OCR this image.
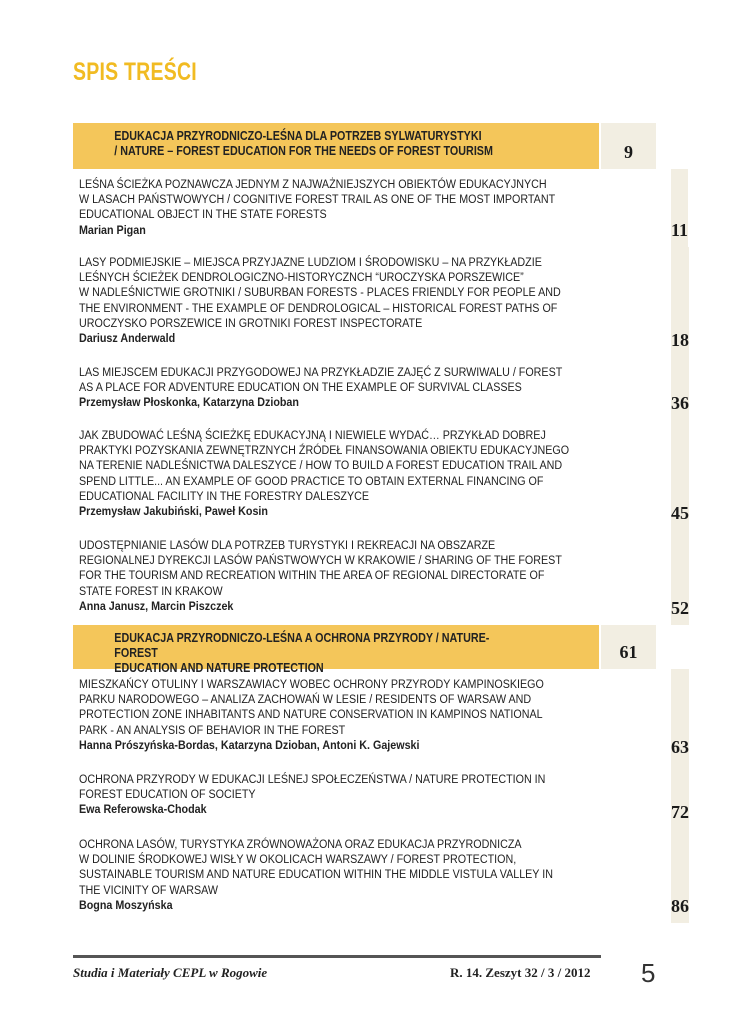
SPIS TREŚCI
EDUKACJA PRZYRODNICZO-LEŚNA DLA POTRZEB SYLWATURYSTYKI
/ NATURE – FOREST EDUCATION FOR THE NEEDS OF FOREST TOURISM	9
LEŚNA ŚCIEŻKA POZNAWCZA JEDNYM Z NAJWAŻNIEJSZYCH OBIEKTÓW EDUKACYJNYCH
W LASACH PAŃSTWOWYCH / COGNITIVE FOREST TRAIL AS ONE OF THE MOST IMPORTANT
EDUCATIONAL OBJECT IN THE STATE FORESTS
Marian Pigan	11
LASY PODMIEJSKIE – MIEJSCA PRZYJAZNE LUDZIOM I ŚRODOWISKU – NA PRZYKŁADZIE
LEŚNYCH ŚCIEŻEK DENDROLOGICZNO-HISTORYCZNCH “UROCZYSKA PORSZEWICE”
W NADLEŚNICTWIE GROTNIKI / SUBURBAN FORESTS - PLACES FRIENDLY FOR PEOPLE AND
THE ENVIRONMENT - THE EXAMPLE OF DENDROLOGICAL – HISTORICAL FOREST PATHS OF
UROCZYSKO PORSZEWICE IN GROTNIKI FOREST INSPECTORATE
Dariusz Anderwald	18
LAS MIEJSCEM EDUKACJI PRZYGODOWEJ NA PRZYKŁADZIE ZAJĘĆ Z SURWIWALU / FOREST
AS A PLACE FOR ADVENTURE EDUCATION ON THE EXAMPLE OF SURVIVAL CLASSES
Przemysław Płoskonka, Katarzyna Dzioban	36
JAK ZBUDOWAĆ LEŚNĄ ŚCIEŻKĘ EDUKACYJNĄ I NIEWIELE WYDAĆ… PRZYKŁAD DOBREJ
PRAKTYKI POZYSKANIA ZEWNĘTRZNYCH ŹRÓDEŁ FINANSOWANIA OBIEKTU EDUKACYJNEGO
NA TERENIE NADLEŚNICTWA DALESZYCE / HOW TO BUILD A FOREST EDUCATION TRAIL AND
SPEND LITTLE... AN EXAMPLE OF GOOD PRACTICE TO OBTAIN EXTERNAL FINANCING OF
EDUCATIONAL FACILITY IN THE FORESTRY DALESZYCE
Przemysław Jakubiński, Paweł Kosin	45
UDOSTĘPNIANIE LASÓW DLA POTRZEB TURYSTYKI I REKREACJI NA OBSZARZE
REGIONALNEJ DYREKCJI LASÓW PAŃSTWOWYCH W KRAKOWIE / SHARING OF THE FOREST
FOR THE TOURISM AND RECREATION WITHIN THE AREA OF REGIONAL DIRECTORATE OF
STATE FOREST IN KRAKOW
Anna Janusz, Marcin Piszczek	52
EDUKACJA PRZYRODNICZO-LEŚNA A OCHRONA PRZYRODY / NATURE-FOREST
EDUCATION AND NATURE PROTECTION
61
MIESZKAŃCY OTULINY I WARSZAWIACY WOBEC OCHRONY PRZYRODY KAMPINOSKIEGO
PARKU NARODOWEGO – ANALIZA ZACHOWAŃ W LESIE / RESIDENTS OF WARSAW AND
PROTECTION ZONE INHABITANTS AND NATURE CONSERVATION IN KAMPINOS NATIONAL
PARK - AN ANALYSIS OF BEHAVIOR IN THE FOREST
Hanna Prószyńska-Bordas, Katarzyna Dzioban, Antoni K. Gajewski	63
OCHRONA PRZYRODY W EDUKACJI LEŚNEJ SPOŁECZEŃSTWA / NATURE PROTECTION IN
FOREST EDUCATION OF SOCIETY
Ewa Referowska-Chodak	72
OCHRONA LASÓW, TURYSTYKA ZRÓWNOWAŻONA ORAZ EDUKACJA PRZYRODNICZA
W DOLINIE ŚRODKOWEJ WISŁY W OKOLICACH WARSZAWY / FOREST PROTECTION,
SUSTAINABLE TOURISM AND NATURE EDUCATION WITHIN THE MIDDLE VISTULA VALLEY IN
THE VICINITY OF WARSAW
Bogna Moszyńska	86
Studia i Materiały CEPL w Rogowie	R. 14. Zeszyt 32 / 3 / 2012 5
